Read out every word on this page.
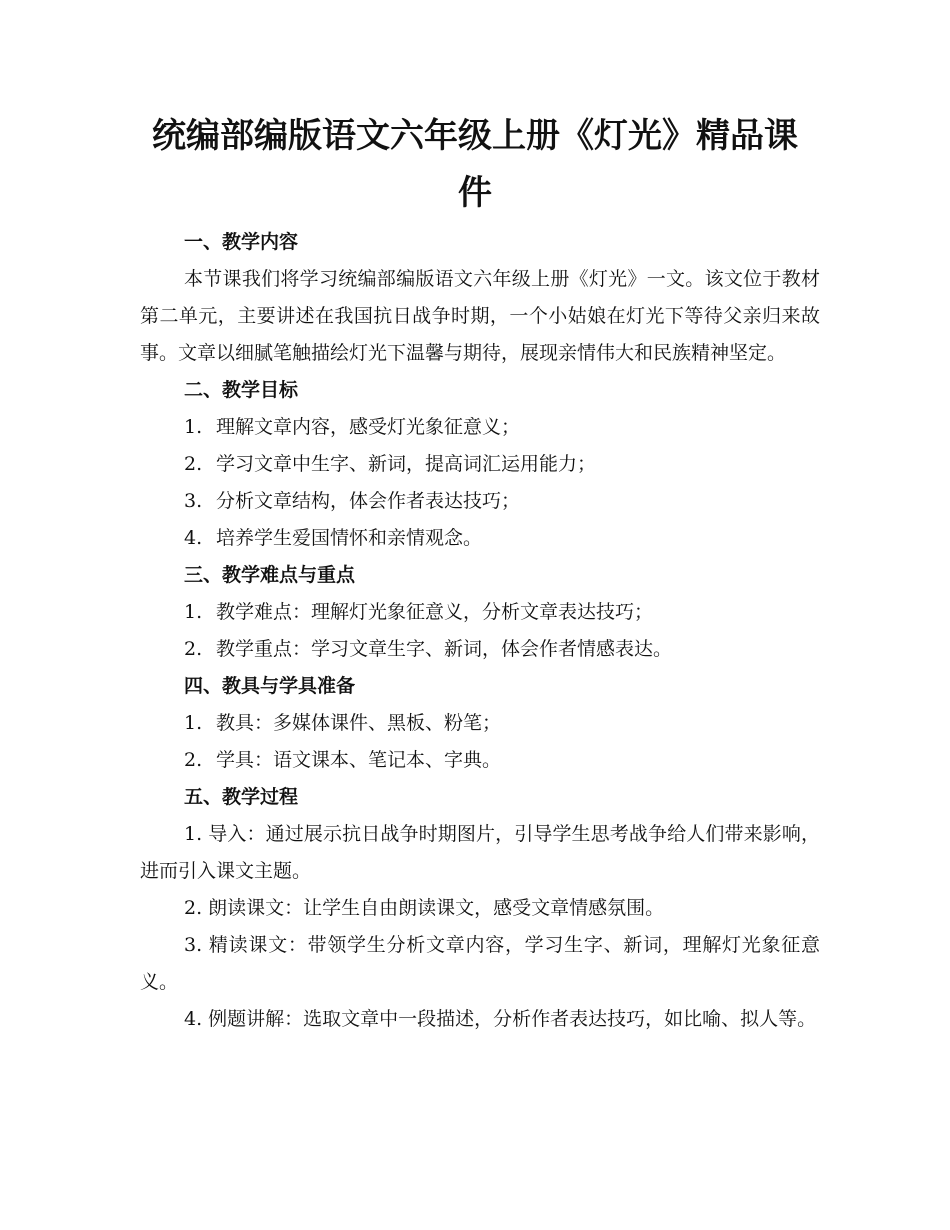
统编部编版语文六年级上册《灯光》精品课件

一、教学内容

本节课我们将学习统编部编版语文六年级上册《灯光》一文。该文位于教材第二单元，主要讲述在我国抗日战争时期，一个小姑娘在灯光下等待父亲归来故事。文章以细腻笔触描绘灯光下温馨与期待，展现亲情伟大和民族精神坚定。

二、教学目标

1. 理解文章内容，感受灯光象征意义；

2. 学习文章中生字、新词，提高词汇运用能力；

3. 分析文章结构，体会作者表达技巧；

4. 培养学生爱国情怀和亲情观念。

三、教学难点与重点

1. 教学难点：理解灯光象征意义，分析文章表达技巧；

2. 教学重点：学习文章生字、新词，体会作者情感表达。

四、教具与学具准备

1. 教具：多媒体课件、黑板、粉笔；

2. 学具：语文课本、笔记本、字典。

五、教学过程

1. 导入：通过展示抗日战争时期图片，引导学生思考战争给人们带来影响，进而引入课文主题。

2. 朗读课文：让学生自由朗读课文，感受文章情感氛围。

3. 精读课文：带领学生分析文章内容，学习生字、新词，理解灯光象征意义。

4. 例题讲解：选取文章中一段描述，分析作者表达技巧，如比喻、拟人等。
